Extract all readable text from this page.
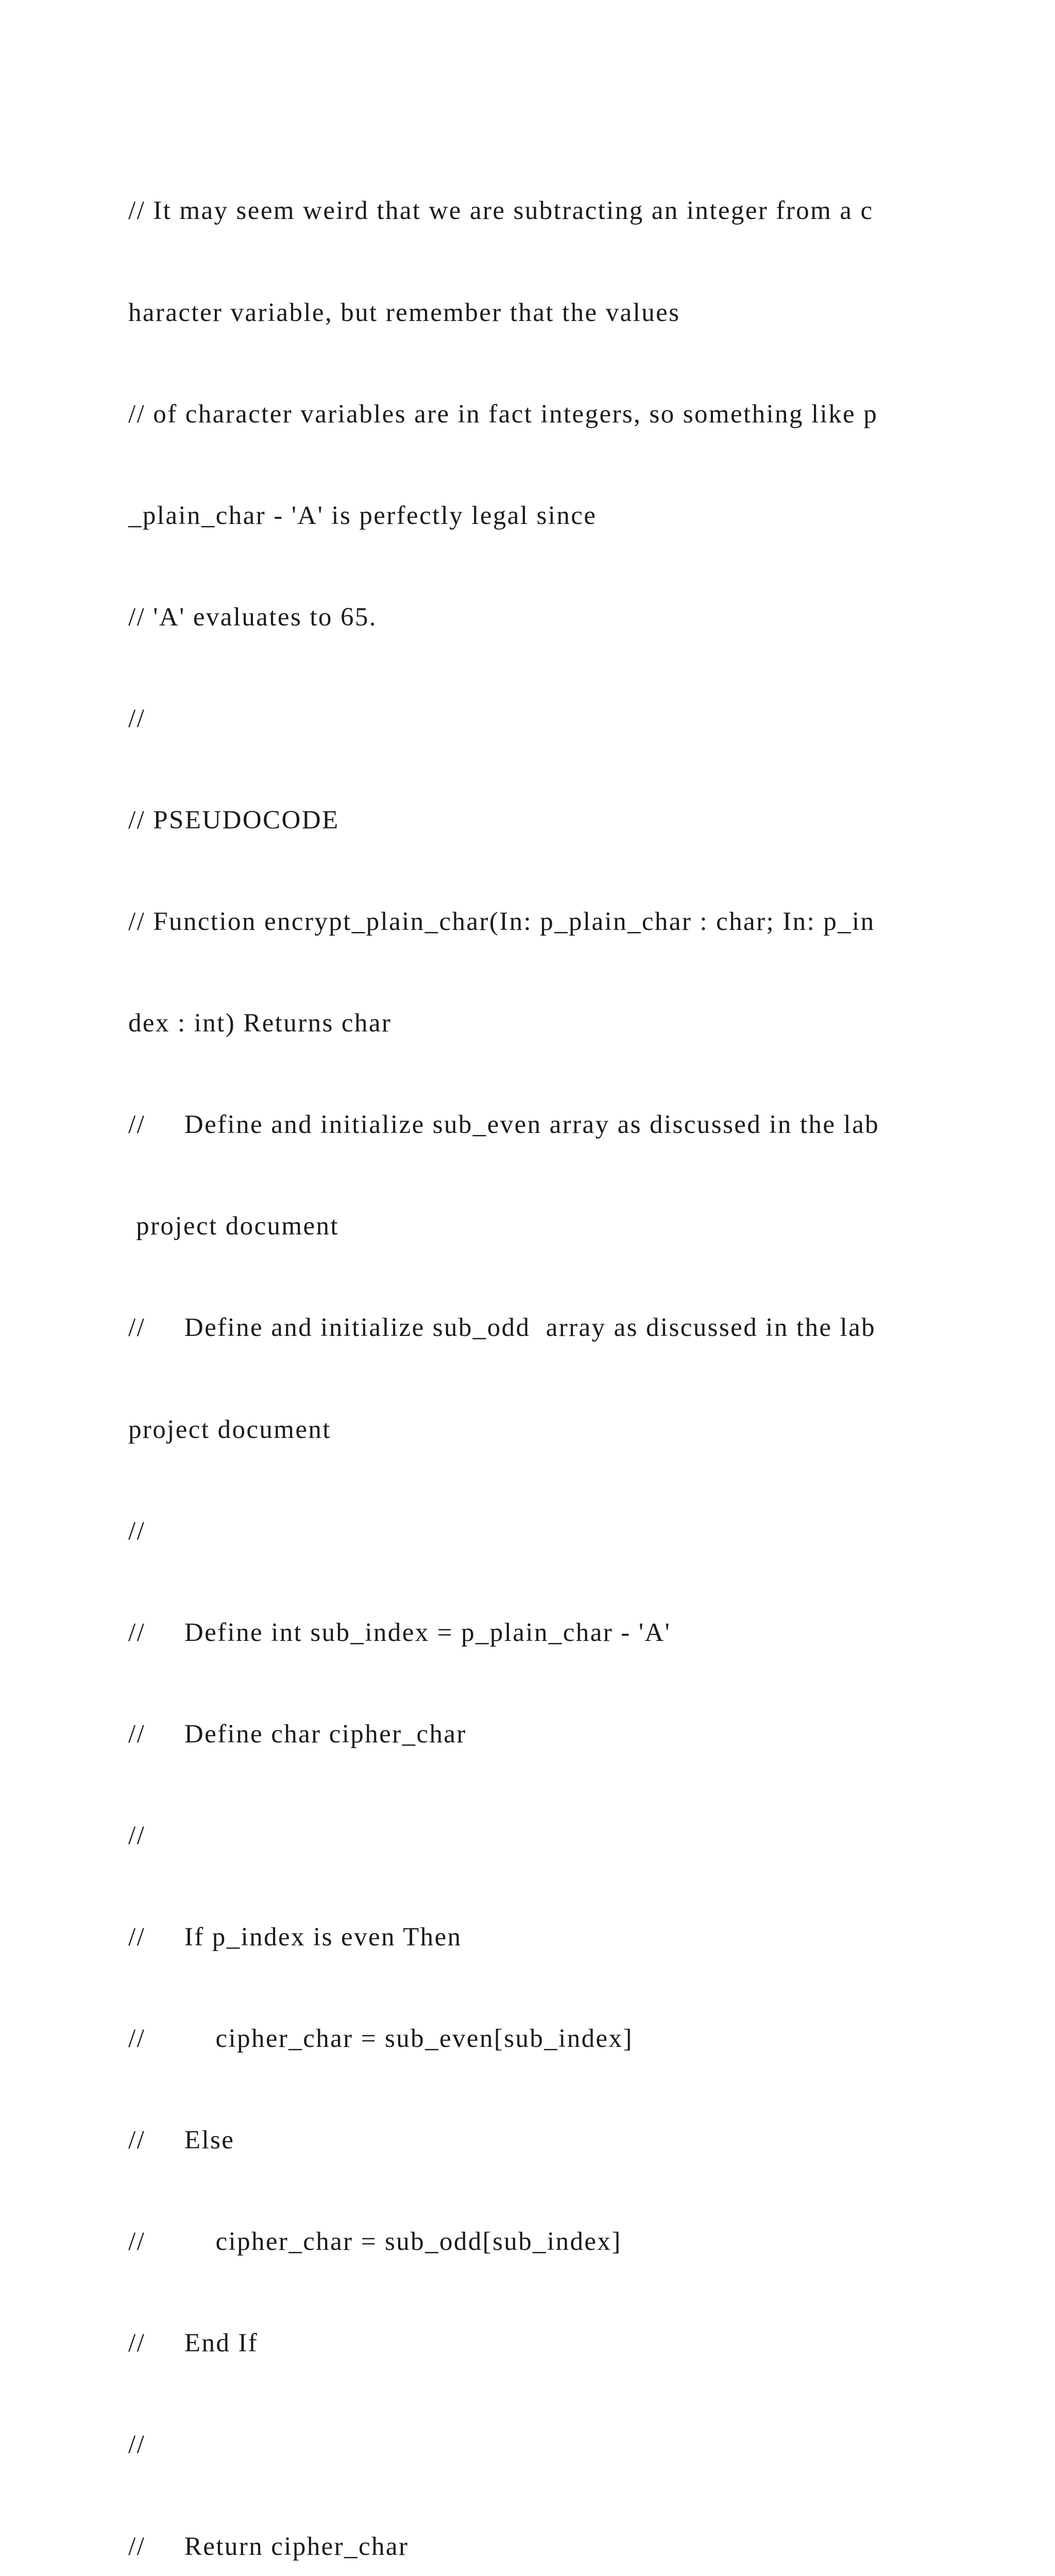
// It may seem weird that we are subtracting an integer from a c

haracter variable, but remember that the values

// of character variables are in fact integers, so something like p

_plain_char - 'A' is perfectly legal since

// 'A' evaluates to 65.

//

// PSEUDOCODE

// Function encrypt_plain_char(In: p_plain_char : char; In: p_in

dex : int) Returns char

//     Define and initialize sub_even array as discussed in the lab

project document

//     Define and initialize sub_odd  array as discussed in the lab

project document

//

//     Define int sub_index = p_plain_char - 'A'

//     Define char cipher_char

//

//     If p_index is even Then

//         cipher_char = sub_even[sub_index]

//     Else

//         cipher_char = sub_odd[sub_index]

//     End If

//

//     Return cipher_char
